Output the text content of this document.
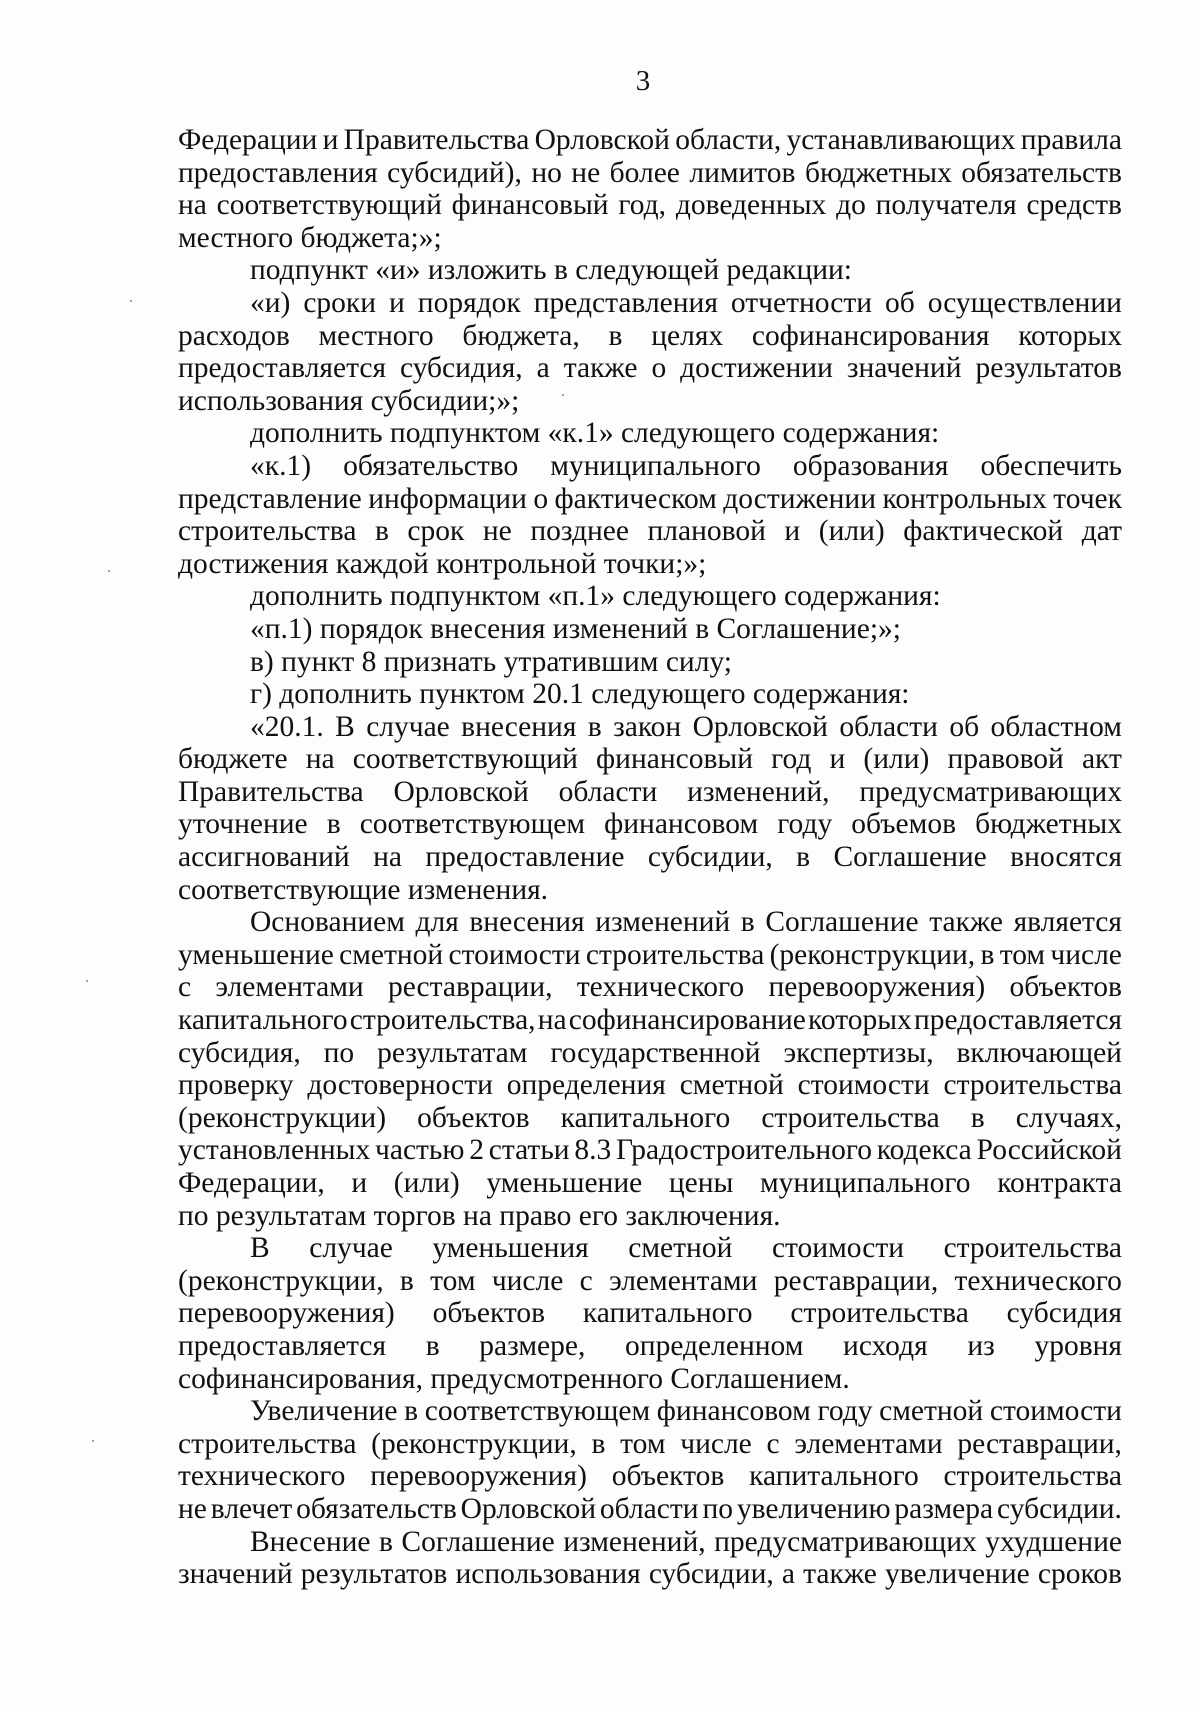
3
Федерации и Правительства Орловской области, устанавливающих правила
предоставления субсидий), но не более лимитов бюджетных обязательств
на соответствующий финансовый год, доведенных до получателя средств
местного бюджета;»;
подпункт «и» изложить в следующей редакции:
«и) сроки и порядок представления отчетности об осуществлении
расходов местного бюджета, в целях софинансирования которых
предоставляется субсидия, а также о достижении значений результатов
использования субсидии;»;
дополнить подпунктом «к.1» следующего содержания:
«к.1) обязательство муниципального образования обеспечить
представление информации о фактическом достижении контрольных точек
строительства в срок не позднее плановой и (или) фактической дат
достижения каждой контрольной точки;»;
дополнить подпунктом «п.1» следующего содержания:
«п.1) порядок внесения изменений в Соглашение;»;
в) пункт 8 признать утратившим силу;
г) дополнить пунктом 20.1 следующего содержания:
«20.1. В случае внесения в закон Орловской области об областном
бюджете на соответствующий финансовый год и (или) правовой акт
Правительства Орловской области изменений, предусматривающих
уточнение в соответствующем финансовом году объемов бюджетных
ассигнований на предоставление субсидии, в Соглашение вносятся
соответствующие изменения.
Основанием для внесения изменений в Соглашение также является
уменьшение сметной стоимости строительства (реконструкции, в том числе
с элементами реставрации, технического перевооружения) объектов
капитального строительства, на софинансирование которых предоставляется
субсидия, по результатам государственной экспертизы, включающей
проверку достоверности определения сметной стоимости строительства
(реконструкции) объектов капитального строительства в случаях,
установленных частью 2 статьи 8.3 Градостроительного кодекса Российской
Федерации, и (или) уменьшение цены муниципального контракта
по результатам торгов на право его заключения.
В случае уменьшения сметной стоимости строительства
(реконструкции, в том числе с элементами реставрации, технического
перевооружения) объектов капитального строительства субсидия
предоставляется в размере, определенном исходя из уровня
софинансирования, предусмотренного Соглашением.
Увеличение в соответствующем финансовом году сметной стоимости
строительства (реконструкции, в том числе с элементами реставрации,
технического перевооружения) объектов капитального строительства
не влечет обязательств Орловской области по увеличению размера субсидии.
Внесение в Соглашение изменений, предусматривающих ухудшение
значений результатов использования субсидии, а также увеличение сроков
